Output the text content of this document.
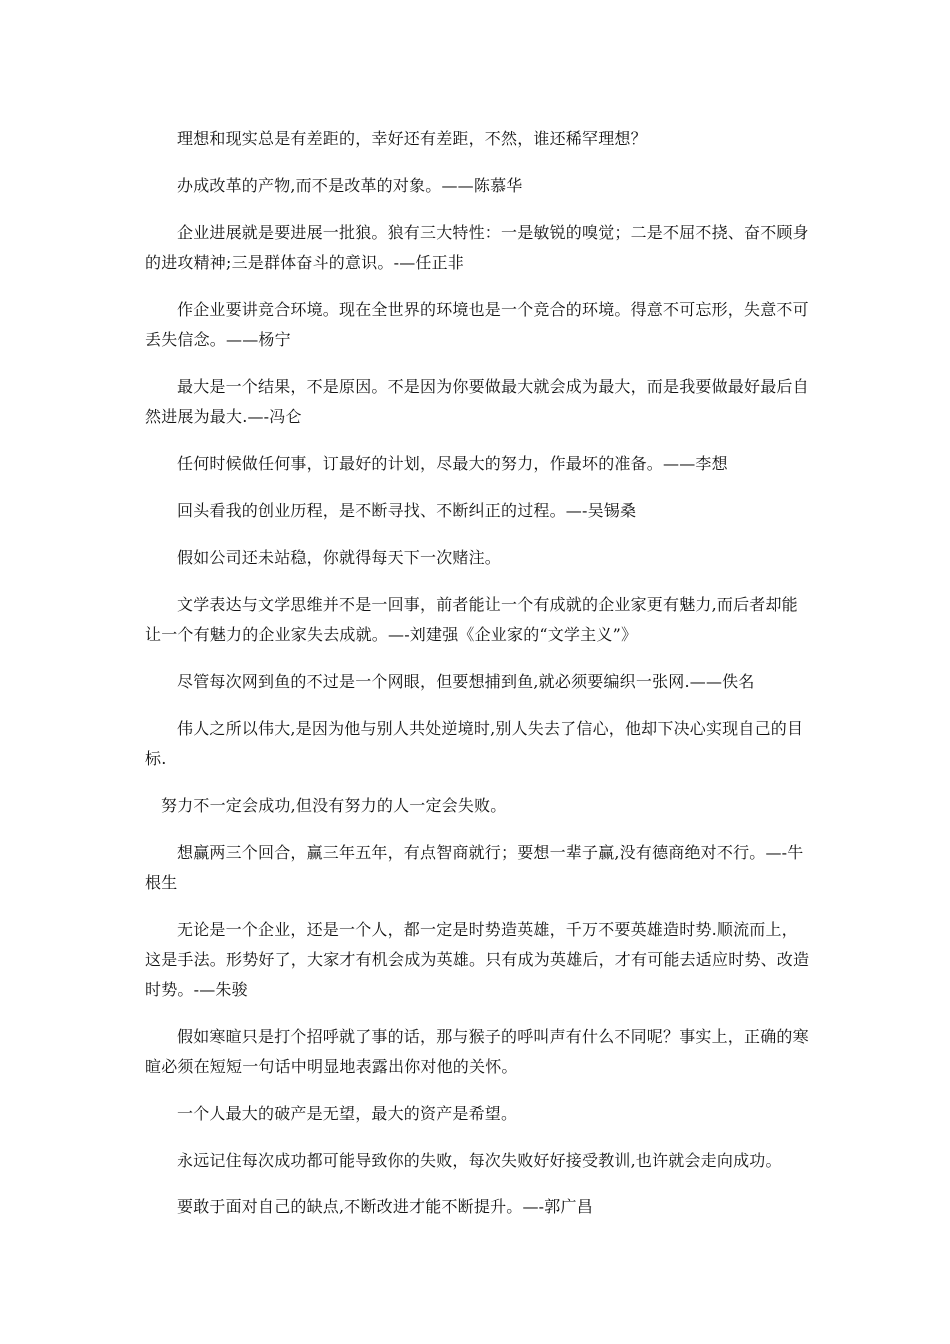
理想和现实总是有差距的，幸好还有差距，不然，谁还稀罕理想？

办成改革的产物,而不是改革的对象。——陈慕华

企业进展就是要进展一批狼。狼有三大特性：一是敏锐的嗅觉；二是不屈不挠、奋不顾身的进攻精神;三是群体奋斗的意识。-—任正非

作企业要讲竞合环境。现在全世界的环境也是一个竞合的环境。得意不可忘形，失意不可丢失信念。——杨宁

最大是一个结果，不是原因。不是因为你要做最大就会成为最大，而是我要做最好最后自然进展为最大.—-冯仑

任何时候做任何事，订最好的计划，尽最大的努力，作最坏的准备。——李想

回头看我的创业历程，是不断寻找、不断纠正的过程。—-吴锡桑

假如公司还未站稳，你就得每天下一次赌注。

文学表达与文学思维并不是一回事，前者能让一个有成就的企业家更有魅力,而后者却能让一个有魅力的企业家失去成就。—-刘建强《企业家的“文学主义”》

尽管每次网到鱼的不过是一个网眼，但要想捕到鱼,就必须要编织一张网.——佚名

伟人之所以伟大,是因为他与别人共处逆境时,别人失去了信心，他却下决心实现自己的目标.

努力不一定会成功,但没有努力的人一定会失败。

想赢两三个回合，赢三年五年，有点智商就行；要想一辈子赢,没有德商绝对不行。—-牛根生

无论是一个企业，还是一个人，都一定是时势造英雄，千万不要英雄造时势.顺流而上，这是手法。形势好了，大家才有机会成为英雄。只有成为英雄后，才有可能去适应时势、改造时势。-—朱骏

假如寒暄只是打个招呼就了事的话，那与猴子的呼叫声有什么不同呢？事实上，正确的寒暄必须在短短一句话中明显地表露出你对他的关怀。

一个人最大的破产是无望，最大的资产是希望。

永远记住每次成功都可能导致你的失败，每次失败好好接受教训,也许就会走向成功。

要敢于面对自己的缺点,不断改进才能不断提升。—-郭广昌
